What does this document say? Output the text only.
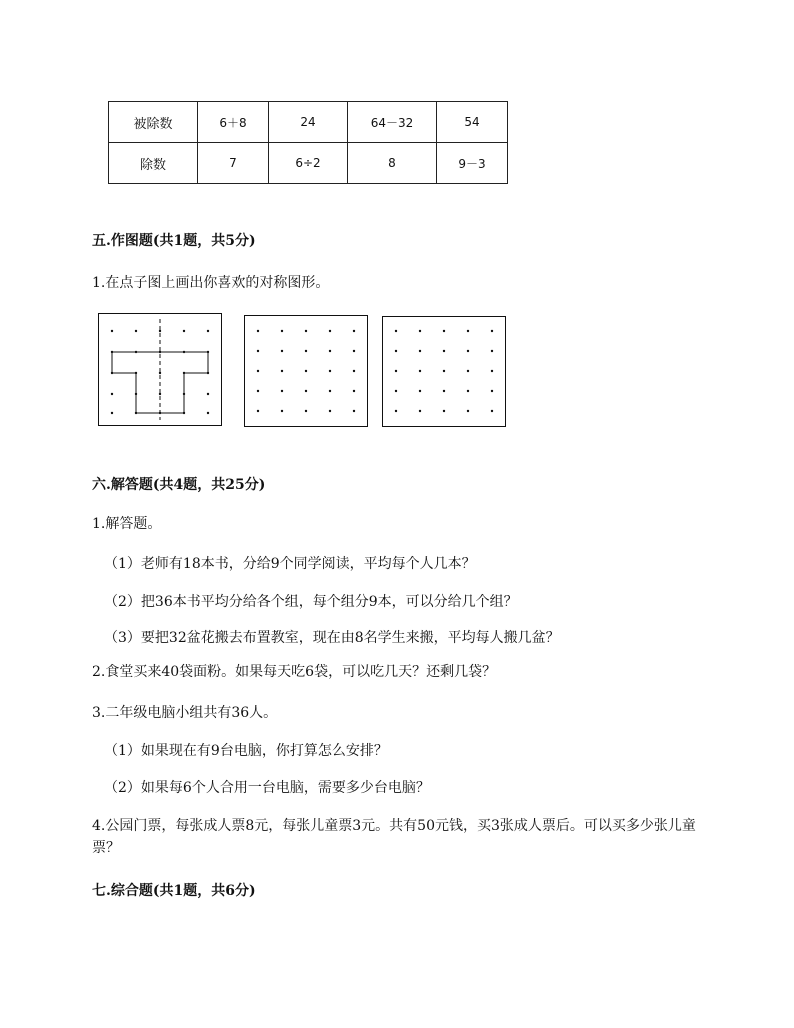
被除数	6＋8	24	64－32	54
除数	7	6÷2	8	9－3
五.作图题(共1题，共5分)
1.在点子图上画出你喜欢的对称图形。
六.解答题(共4题，共25分)
1.解答题。
（1）老师有18本书，分给9个同学阅读，平均每个人几本？
（2）把36本书平均分给各个组，每个组分9本，可以分给几个组？
（3）要把32盆花搬去布置教室，现在由8名学生来搬，平均每人搬几盆？
2.食堂买来40袋面粉。如果每天吃6袋，可以吃几天？还剩几袋？
3.二年级电脑小组共有36人。
（1）如果现在有9台电脑，你打算怎么安排？
（2）如果每6个人合用一台电脑，需要多少台电脑？
4.公园门票，每张成人票8元，每张儿童票3元。共有50元钱，买3张成人票后。可以买多少张儿童票？
七.综合题(共1题，共6分)
